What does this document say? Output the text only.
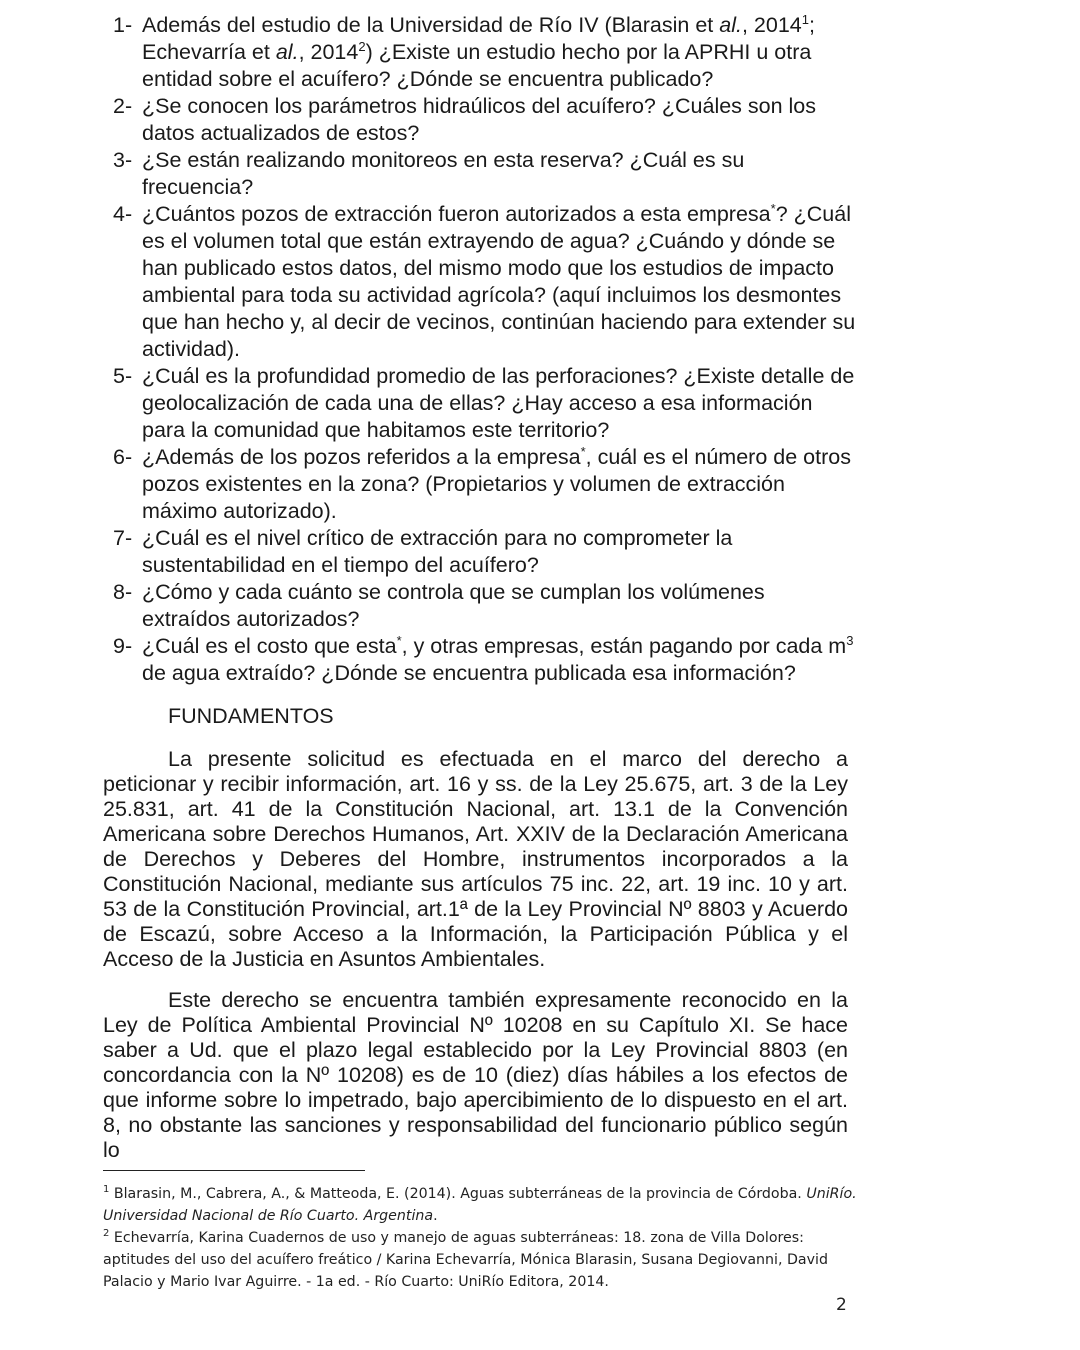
1- Además del estudio de la Universidad de Río IV (Blarasin et al., 2014$^1$; Echevarría et al., 2014$^2$) ¿Existe un estudio hecho por la APRHI u otra entidad sobre el acuífero? ¿Dónde se encuentra publicado?
2- ¿Se conocen los parámetros hidraúlicos del acuífero? ¿Cuáles son los datos actualizados de estos?
3- ¿Se están realizando monitoreos en esta reserva? ¿Cuál es su frecuencia?
4- ¿Cuántos pozos de extracción fueron autorizados a esta empresa*? ¿Cuál es el volumen total que están extrayendo de agua? ¿Cuándo y dónde se han publicado estos datos, del mismo modo que los estudios de impacto ambiental para toda su actividad agrícola? (aquí incluimos los desmontes que han hecho y, al decir de vecinos, continúan haciendo para extender su actividad).
5- ¿Cuál es la profundidad promedio de las perforaciones? ¿Existe detalle de geolocalización de cada una de ellas? ¿Hay acceso a esa información para la comunidad que habitamos este territorio?
6- ¿Además de los pozos referidos a la empresa*, cuál es el número de otros pozos existentes en la zona? (Propietarios y volumen de extracción máximo autorizado).
7- ¿Cuál es el nivel crítico de extracción para no comprometer la sustentabilidad en el tiempo del acuífero?
8- ¿Cómo y cada cuánto se controla que se cumplan los volúmenes extraídos autorizados?
9- ¿Cuál es el costo que esta*, y otras empresas, están pagando por cada $m^3$ de agua extraído? ¿Dónde se encuentra publicada esa información?
FUNDAMENTOS

La presente solicitud es efectuada en el marco del derecho a peticionar y recibir información, art. 16 y ss. de la Ley 25.675, art. 3 de la Ley 25.831, art. 41 de la Constitución Nacional, art. 13.1 de la Convención Americana sobre Derechos Humanos, Art. XXIV de la Declaración Americana de Derechos y Deberes del Hombre, instrumentos incorporados a la Constitución Nacional, mediante sus artículos 75 inc. 22, art. 19 inc. 10 y art. 53 de la Constitución Provincial, art.1ª de la Ley Provincial Nº 8803 y Acuerdo de Escazú, sobre Acceso a la Información, la Participación Pública y el Acceso de la Justicia en Asuntos Ambientales.

Este derecho se encuentra también expresamente reconocido en la Ley de Política Ambiental Provincial Nº 10208 en su Capítulo XI. Se hace saber a Ud. que el plazo legal establecido por la Ley Provincial 8803 (en concordancia con la Nº 10208) es de 10 (diez) días hábiles a los efectos de que informe sobre lo impetrado, bajo apercibimiento de lo dispuesto en el art. 8, no obstante las sanciones y responsabilidad del funcionario público según lo

$^1$ Blarasin, M., Cabrera, A., & Matteoda, E. (2014). Aguas subterráneas de la provincia de Córdoba. UniRío. Universidad Nacional de Río Cuarto. Argentina.

$^2$ Echevarría, Karina Cuadernos de uso y manejo de aguas subterráneas: 18. zona de Villa Dolores: aptitudes del uso del acuífero freático / Karina Echevarría, Mónica Blarasin, Susana Degiovanni, David Palacio y Mario Ivar Aguirre. - 1a ed. - Río Cuarto: UniRío Editora, 2014.

2
